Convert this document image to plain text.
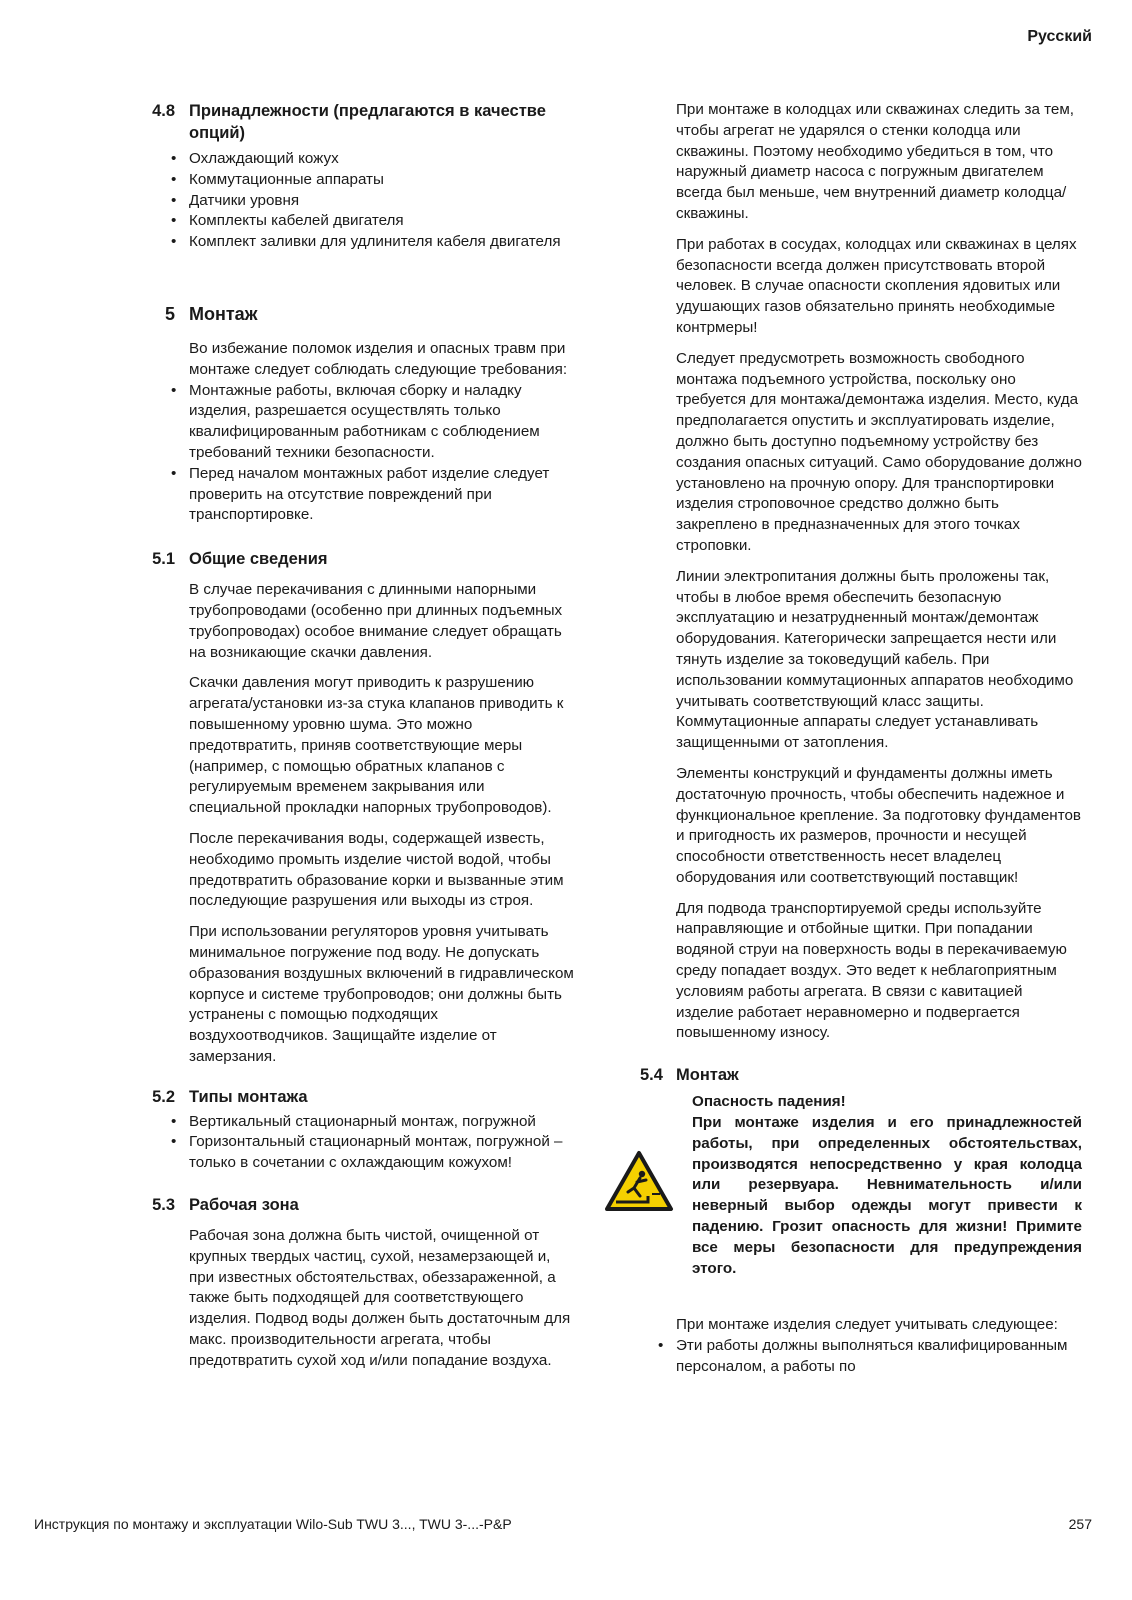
Русский
4.8 Принадлежности (предлагаются в качестве опций)
• Охлаждающий кожух
• Коммутационные аппараты
• Датчики уровня
• Комплекты кабелей двигателя
• Комплект заливки для удлинителя кабеля двигателя
5 Монтаж

Во избежание поломок изделия и опасных травм при монтаже следует соблюдать следующие требования:

• Монтажные работы, включая сборку и наладку изделия, разрешается осуществлять только квалифицированным работникам с соблюдением требований техники безопасности.
• Перед началом монтажных работ изделие следует проверить на отсутствие повреждений при транспортировке.
5.1 Общие сведения

В случае перекачивания с длинными напорными трубопроводами (особенно при длинных подъемных трубопроводах) особое внимание следует обращать на возникающие скачки давления.

Скачки давления могут приводить к разрушению агрегата/установки из-за стука клапанов приводить к повышенному уровню шума. Это можно предотвратить, приняв соответствующие меры (например, с помощью обратных клапанов с регулируемым временем закрывания или специальной прокладки напорных трубопроводов).

После перекачивания воды, содержащей известь, необходимо промыть изделие чистой водой, чтобы предотвратить образование корки и вызванные этим последующие разрушения или выходы из строя.

При использовании регуляторов уровня учитывать минимальное погружение под воду. Не допускать образования воздушных включений в гидравлическом корпусе и системе трубопроводов; они должны быть устранены с помощью подходящих воздухоотводчиков. Защищайте изделие от замерзания.

5.2 Типы монтажа
• Вертикальный стационарный монтаж, погружной
• Горизонтальный стационарный монтаж, погружной – только в сочетании с охлаждающим кожухом!
5.3 Рабочая зона

Рабочая зона должна быть чистой, очищенной от крупных твердых частиц, сухой, незамерзающей и, при известных обстоятельствах, обеззараженной, а также быть подходящей для соответствующего изделия. Подвод воды должен быть достаточным для макс. производительности агрегата, чтобы предотвратить сухой ход и/или попадание воздуха.

При монтаже в колодцах или скважинах следить за тем, чтобы агрегат не ударялся о стенки колодца или скважины. Поэтому необходимо убедиться в том, что наружный диаметр насоса с погружным двигателем всегда был меньше, чем внутренний диаметр колодца/скважины.

При работах в сосудах, колодцах или скважинах в целях безопасности всегда должен присутствовать второй человек. В случае опасности скопления ядовитых или удушающих газов обязательно принять необходимые контрмеры!

Следует предусмотреть возможность свободного монтажа подъемного устройства, поскольку оно требуется для монтажа/демонтажа изделия. Место, куда предполагается опустить и эксплуатировать изделие, должно быть доступно подъемному устройству без создания опасных ситуаций. Само оборудование должно установлено на прочную опору. Для транспортировки изделия строповочное средство должно быть закреплено в предназначенных для этого точках строповки.

Линии электропитания должны быть проложены так, чтобы в любое время обеспечить безопасную эксплуатацию и незатрудненный монтаж/демонтаж оборудования. Категорически запрещается нести или тянуть изделие за токоведущий кабель. При использовании коммутационных аппаратов необходимо учитывать соответствующий класс защиты. Коммутационные аппараты следует устанавливать защищенными от затопления.

Элементы конструкций и фундаменты должны иметь достаточную прочность, чтобы обеспечить надежное и функциональное крепление. За подготовку фундаментов и пригодность их размеров, прочности и несущей способности ответственность несет владелец оборудования или соответствующий поставщик!

Для подвода транспортируемой среды используйте направляющие и отбойные щитки. При попадании водяной струи на поверхность воды в перекачиваемую среду попадает воздух. Это ведет к неблагоприятным условиям работы агрегата. В связи с кавитацией изделие работает неравномерно и подвергается повышенному износу.

5.4 Монтаж
Опасность падения!
При монтаже изделия и его принадлежностей работы, при определенных обстоятельствах, производятся непосредственно у края колодца или резервуара. Невнимательность и/или неверный выбор одежды могут привести к падению. Грозит опасность для жизни! Примите все меры безопасности для предупреждения этого.

При монтаже изделия следует учитывать следующее:

• Эти работы должны выполняться квалифицированным персоналом, а работы по
Инструкция по монтажу и эксплуатации Wilo-Sub TWU 3..., TWU 3-...-P&P	257
